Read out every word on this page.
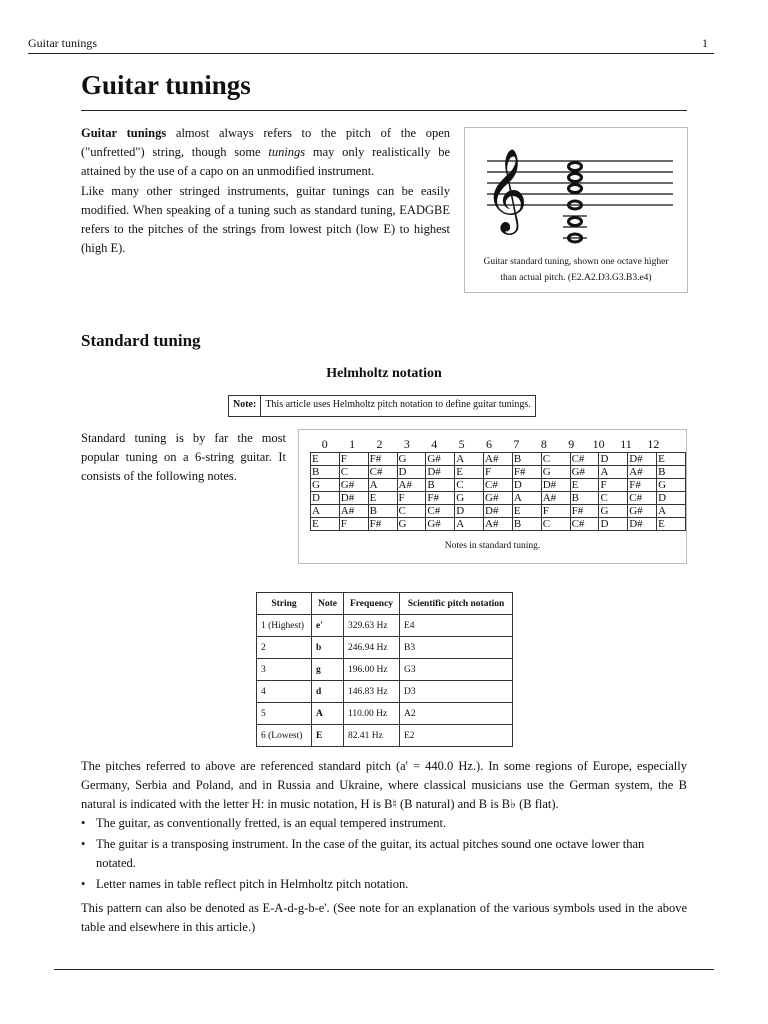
Guitar tunings	1
Guitar tunings

Guitar tunings almost always refers to the pitch of the open ("unfretted") string, though some tunings may only realistically be attained by the use of a capo on an unmodified instrument.

Like many other stringed instruments, guitar tunings can be easily modified. When speaking of a tuning such as standard tuning, EADGBE refers to the pitches of the strings from lowest pitch (low E) to highest (high E).

𝄞
Guitar standard tuning, shown one octave higher
than actual pitch. (E2.A2.D3.G3.B3.e4)
Standard tuning
Helmholtz notation
Note: This article uses Helmholtz pitch notation to define guitar tunings.

Standard tuning is by far the most popular tuning on a 6-string guitar. It consists of the following notes.

0	1	2	3	4	5	6	7	8	9	10	11	12
E	F	F#	G	G#	A	A#	B	C	C#	D	D#	E
B	C	C#	D	D#	E	F	F#	G	G#	A	A#	B
G	G#	A	A#	B	C	C#	D	D#	E	F	F#	G
D	D#	E	F	F#	G	G#	A	A#	B	C	C#	D
A	A#	B	C	C#	D	D#	E	F	F#	G	G#	A
E	F	F#	G	G#	A	A#	B	C	C#	D	D#	E
Notes in standard tuning.
String	Note	Frequency	Scientific pitch notation
1 (Highest)	e'	329.63 Hz	E4
2	b	246.94 Hz	B3
3	g	196.00 Hz	G3
4	d	146.83 Hz	D3
5	A	110.00 Hz	A2
6 (Lowest)	E	82.41 Hz	E2

The pitches referred to above are referenced standard pitch (a' = 440.0 Hz.). In some regions of Europe, especially Germany, Serbia and Poland, and in Russia and Ukraine, where classical musicians use the German system, the B natural is indicated with the letter H: in music notation, H is B♮ (B natural) and B is B♭ (B flat).

• The guitar, as conventionally fretted, is an equal tempered instrument.
• The guitar is a transposing instrument. In the case of the guitar, its actual pitches sound one octave lower than notated.
• Letter names in table reflect pitch in Helmholtz pitch notation.

This pattern can also be denoted as E-A-d-g-b-e'. (See note for an explanation of the various symbols used in the above table and elsewhere in this article.)
